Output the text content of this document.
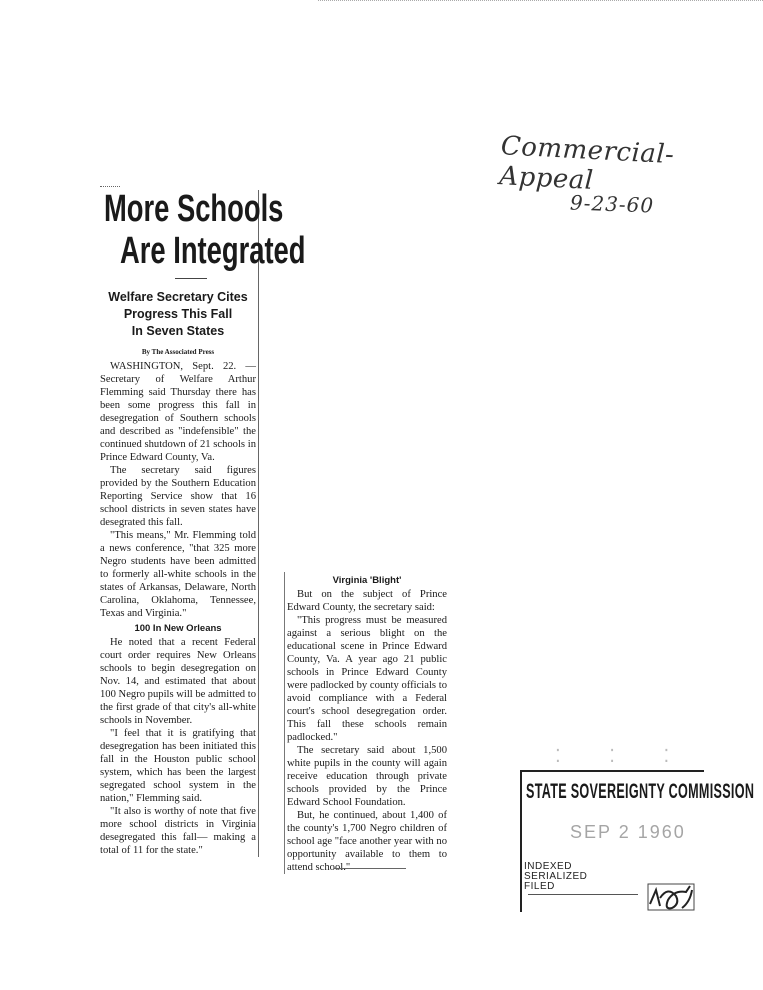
Commercial-Appeal
9-23-60
More Schools
Are Integrated
Welfare Secretary Cites
Progress This Fall
In Seven States
By The Associated Press

WASHINGTON, Sept. 22. — Secretary of Welfare Arthur Flemming said Thursday there has been some progress this fall in desegregation of Southern schools and described as "indefensible" the continued shutdown of 21 schools in Prince Edward County, Va.

The secretary said figures provided by the Southern Education Reporting Service show that 16 school districts in seven states have desegrated this fall.

"This means," Mr. Flemming told a news conference, "that 325 more Negro students have been admitted to formerly all-white schools in the states of Arkansas, Delaware, North Carolina, Oklahoma, Tennessee, Texas and Virginia."

100 In New Orleans

He noted that a recent Federal court order requires New Orleans schools to begin desegregation on Nov. 14, and estimated that about 100 Negro pupils will be admitted to the first grade of that city's all-white schools in November.

"I feel that it is gratifying that desegregation has been initiated this fall in the Houston public school system, which has been the largest segregated school system in the nation," Flemming said.

"It also is worthy of note that five more school districts in Virginia desegregated this fall— making a total of 11 for the state."

Virginia 'Blight'

But on the subject of Prince Edward County, the secretary said:

"This progress must be measured against a serious blight on the educational scene in Prince Edward County, Va. A year ago 21 public schools in Prince Edward County were padlocked by county officials to avoid compliance with a Federal court's school desegregation order. This fall these schools remain padlocked."

The secretary said about 1,500 white pupils in the county will again receive education through private schools provided by the Prince Edward School Foundation.

But, he continued, about 1,400 of the county's 1,700 Negro children of school age "face another year with no opportunity available to them to attend school."

⁚ ⁚ ⁚
STATE SOVEREIGNTY COMMISSION
SEP 2 1960
INDEXED
SERIALIZED
FILED
